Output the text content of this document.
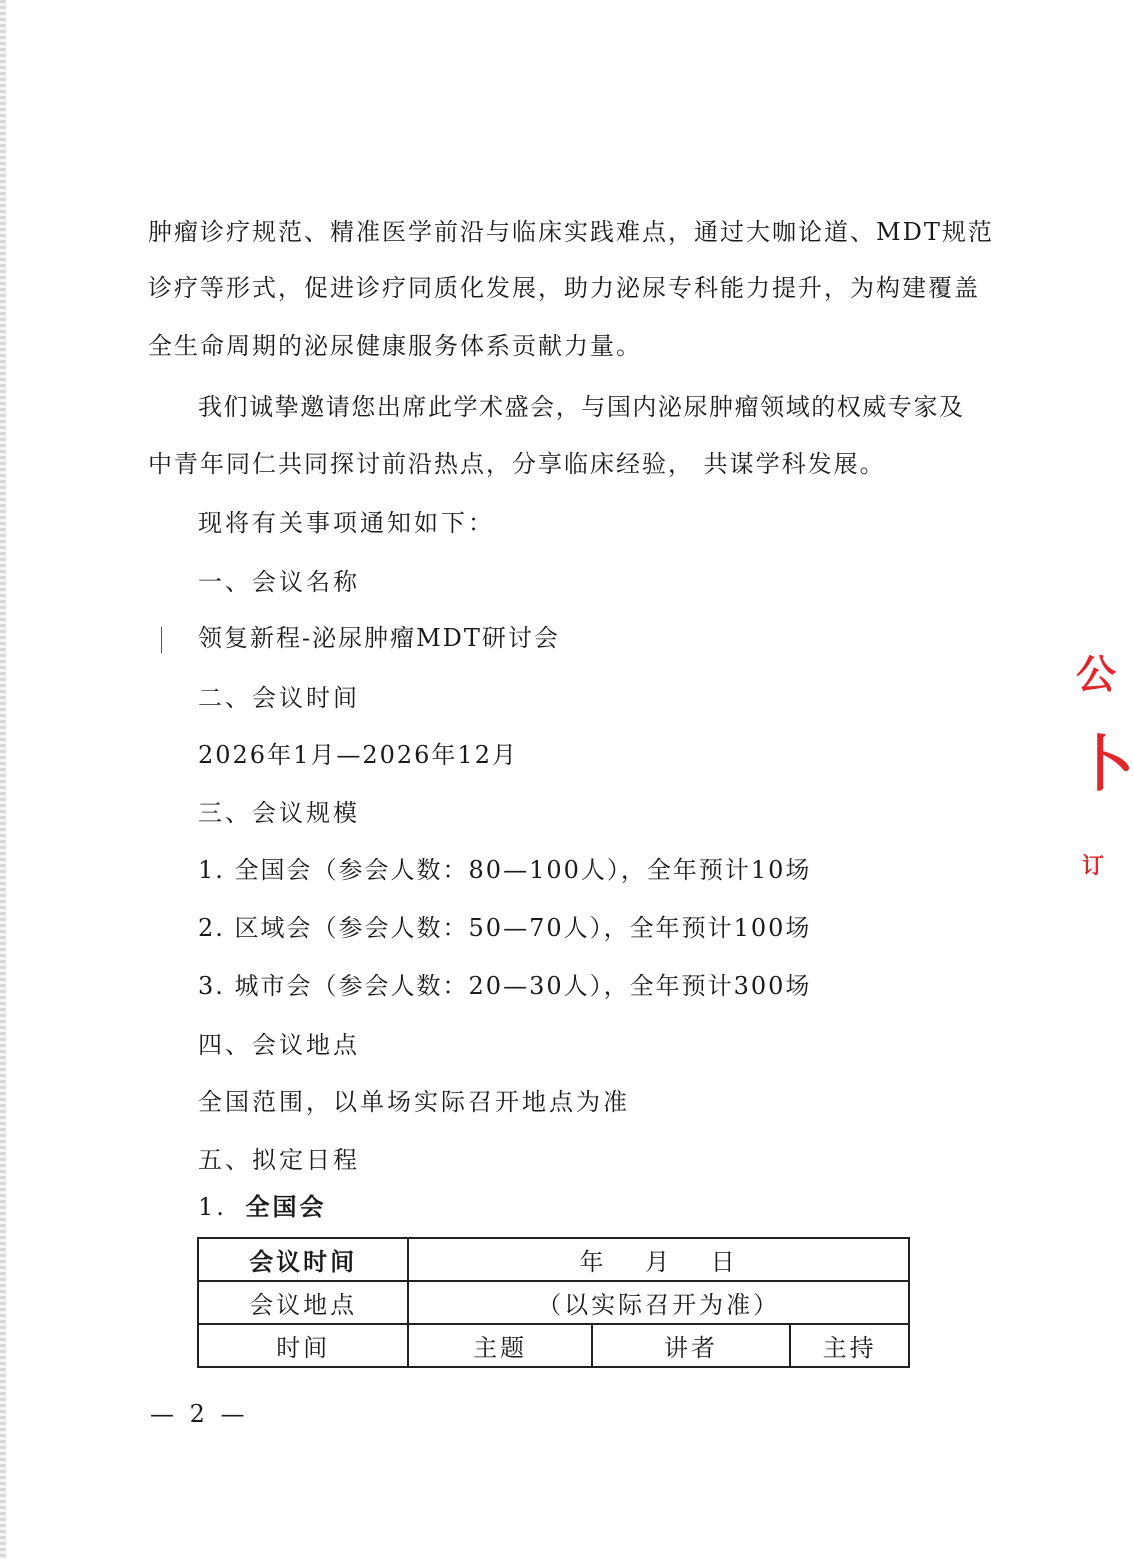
肿瘤诊疗规范、精准医学前沿与临床实践难点，通过大咖论道、MDT规范
诊疗等形式，促进诊疗同质化发展，助力泌尿专科能力提升，为构建覆盖
全生命周期的泌尿健康服务体系贡献力量。
我们诚挚邀请您出席此学术盛会，与国内泌尿肿瘤领域的权威专家及
中青年同仁共同探讨前沿热点，分享临床经验， 共谋学科发展。
现将有关事项通知如下：
一、会议名称
领复新程-泌尿肿瘤MDT研讨会
二、会议时间
2026年1月—2026年12月
三、会议规模
1. 全国会（参会人数：80—100人），全年预计10场
2. 区域会（参会人数：50—70人），全年预计100场
3. 城市会（参会人数：20—30人），全年预计300场
四、会议地点
全国范围，以单场实际召开地点为准
五、拟定日程
1. 全国会
会议时间	年 月 日		
会议地点	（以实际召开为准）		
时间	主题	讲者	主持
— 2 —
公
卜
订
